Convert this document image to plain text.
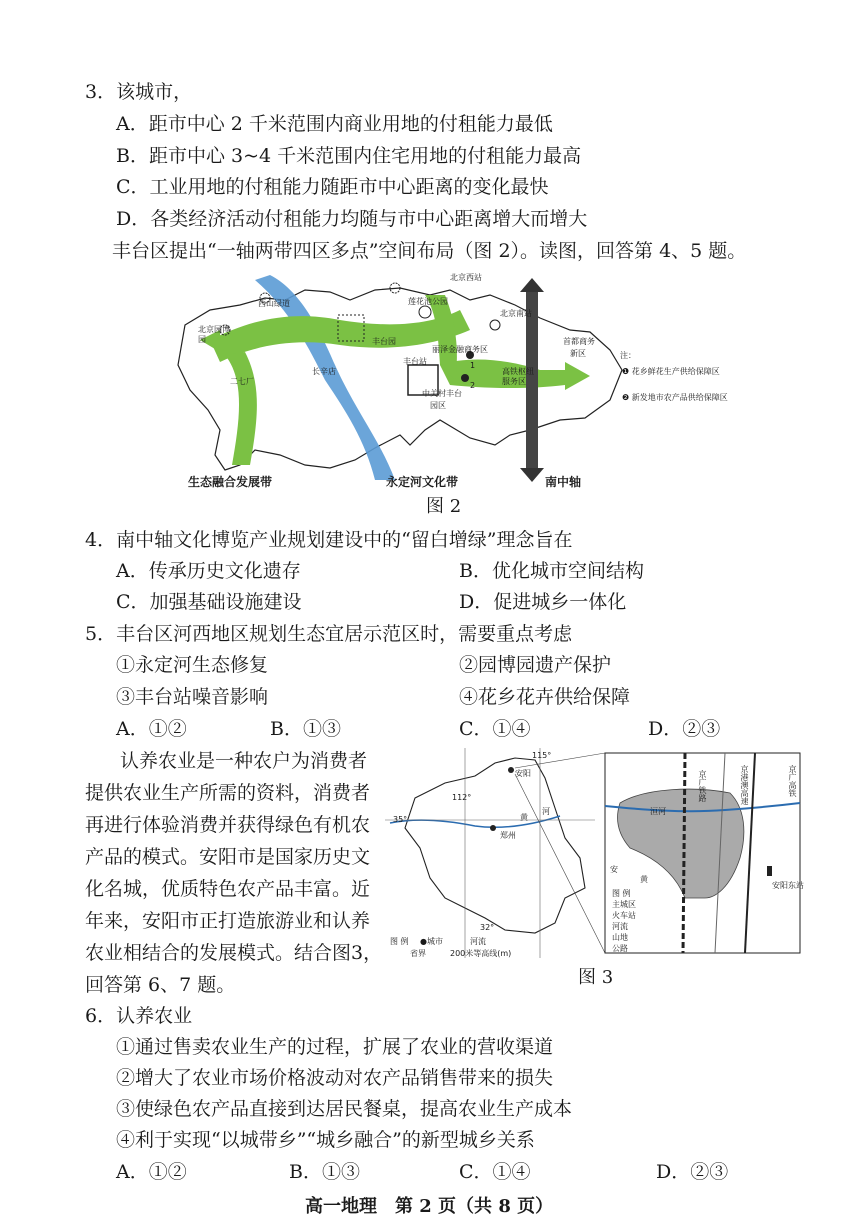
3．该城市，
A．距市中心 2 千米范围内商业用地的付租能力最低
B．距市中心 3~4 千米范围内住宅用地的付租能力最高
C．工业用地的付租能力随距市中心距离的变化最快
D．各类经济活动付租能力均随与市中心距离增大而增大
丰台区提出“一轴两带四区多点”空间布局（图 2）。读图，回答第 4、5 题。
西山绿道
北京园博
园
北京西站
莲花池公园
北京南站
丰台园
丽泽金融商务区
丰台站
中关村丰台
园区
高铁枢纽
服务区
首都商务
新区
二七厂
长辛店
1
2
注：
❶ 花乡鲜花生产供给保障区
❷ 新发地市农产品供给保障区
生态融合发展带	永定河文化带	南中轴
图 2
4．南中轴文化博览产业规划建设中的“留白增绿”理念旨在
A．传承历史文化遗存	B．优化城市空间结构
C．加强基础设施建设	D．促进城乡一体化
5．丰台区河西地区规划生态宜居示范区时，需要重点考虑
①永定河生态修复	②园博园遗产保护
③丰台站噪音影响	④花乡花卉供给保障
A．①②	B．①③	C．①④	D．②③
认养农业是一种农户为消费者
提供农业生产所需的资料，消费者
再进行体验消费并获得绿色有机农
产品的模式。安阳市是国家历史文
化名城，优质特色农产品丰富。近
年来，安阳市正打造旅游业和认养
农业相结合的发展模式。结合图3，
回答第 6、7 题。
115°
112°
35°
32°
安阳
郑州
黄
河
图 例 ●城市	河流
省界	200米等高线(m)
洹河
京广铁路	京港澳高速	京广高铁
安阳东站
安
黄
图 例
主城区
火车站
河流
山地
公路
图 3
6．认养农业
①通过售卖农业生产的过程，扩展了农业的营收渠道
②增大了农业市场价格波动对农产品销售带来的损失
③使绿色农产品直接到达居民餐桌，提高农业生产成本
④利于实现“以城带乡”“城乡融合”的新型城乡关系
A．①②	B．①③	C．①④	D．②③
高一地理　第 2 页（共 8 页）
